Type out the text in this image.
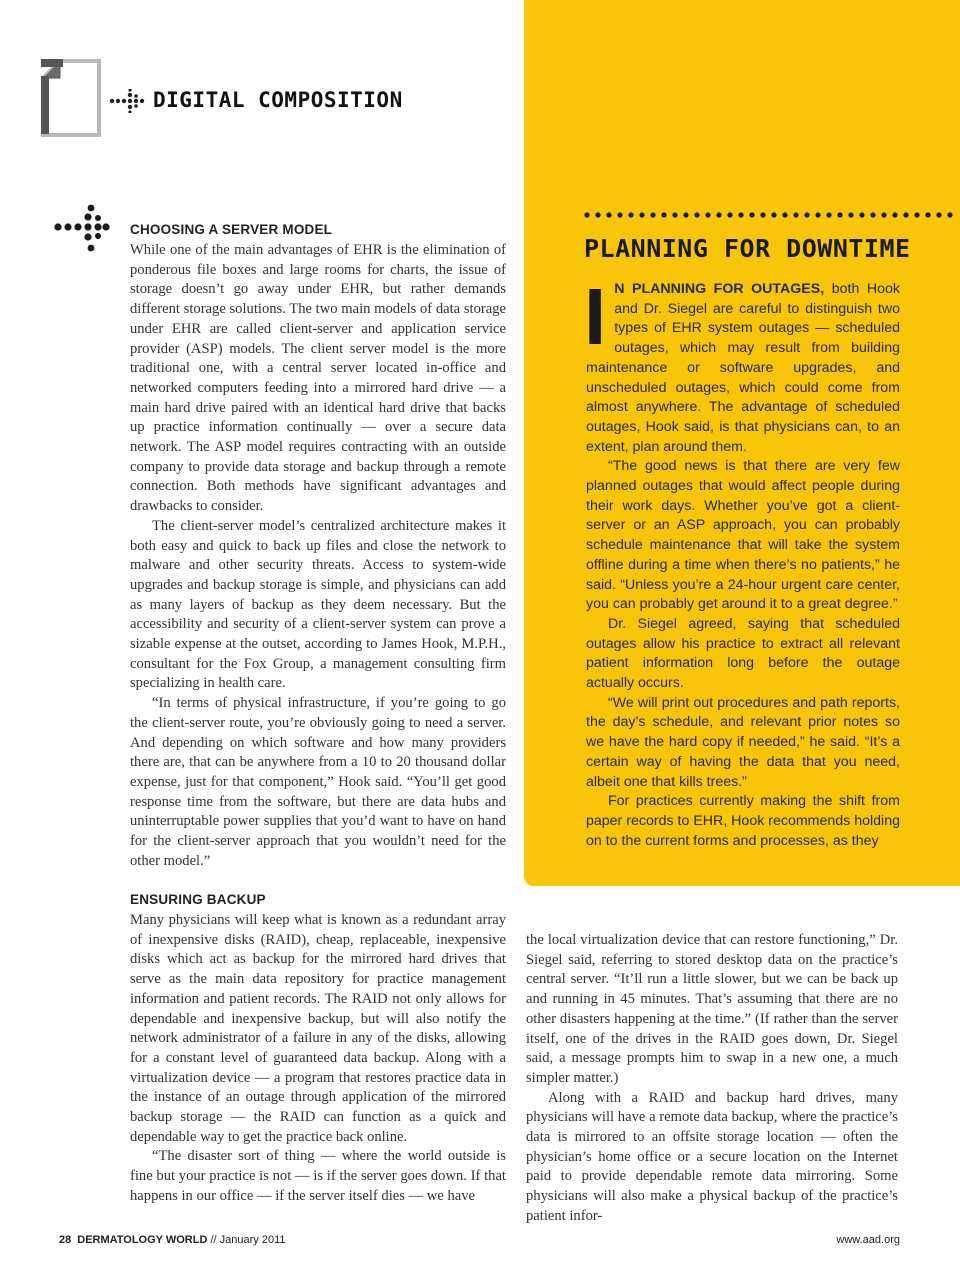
DIGITAL COMPOSITION
CHOOSING A SERVER MODEL

While one of the main advantages of EHR is the elimination of ponderous file boxes and large rooms for charts, the issue of storage doesn’t go away under EHR, but rather demands different storage solutions. The two main models of data storage under EHR are called client-server and application service provider (ASP) models. The client server model is the more traditional one, with a central server located in-office and networked computers feeding into a mirrored hard drive — a main hard drive paired with an identical hard drive that backs up practice information continually — over a secure data network. The ASP model requires contracting with an outside company to provide data storage and backup through a remote connection. Both methods have significant advantages and drawbacks to consider.

The client-server model’s centralized architecture makes it both easy and quick to back up files and close the network to malware and other security threats. Access to system-wide upgrades and backup storage is simple, and physicians can add as many layers of backup as they deem necessary. But the accessibility and security of a client-server system can prove a sizable expense at the outset, according to James Hook, M.P.H., consultant for the Fox Group, a management consulting firm specializing in health care.

“In terms of physical infrastructure, if you’re going to go the client-server route, you’re obviously going to need a server. And depending on which software and how many providers there are, that can be anywhere from a 10 to 20 thousand dollar expense, just for that component,” Hook said. “You’ll get good response time from the software, but there are data hubs and uninterruptable power supplies that you’d want to have on hand for the client-server approach that you wouldn’t need for the other model.”

ENSURING BACKUP

Many physicians will keep what is known as a redundant array of inexpensive disks (RAID), cheap, replaceable, inexpensive disks which act as backup for the mirrored hard drives that serve as the main data repository for practice management information and patient records. The RAID not only allows for dependable and inexpensive backup, but will also notify the network administrator of a failure in any of the disks, allowing for a constant level of guaranteed data backup. Along with a virtualization device — a program that restores practice data in the instance of an outage through application of the mirrored backup storage — the RAID can function as a quick and dependable way to get the practice back online.

“The disaster sort of thing — where the world outside is fine but your practice is not — is if the server goes down. If that happens in our office — if the server itself dies — we have

the local virtualization device that can restore functioning,” Dr. Siegel said, referring to stored desktop data on the practice’s central server. “It’ll run a little slower, but we can be back up and running in 45 minutes. That’s assuming that there are no other disasters happening at the time.” (If rather than the server itself, one of the drives in the RAID goes down, Dr. Siegel said, a message prompts him to swap in a new one, a much simpler matter.)

Along with a RAID and backup hard drives, many physicians will have a remote data backup, where the practice’s data is mirrored to an offsite storage location — often the physician’s home office or a secure location on the Internet paid to provide dependable remote data mirroring. Some physicians will also make a physical backup of the practice’s patient infor-

PLANNING FOR DOWNTIME

I N PLANNING FOR OUTAGES, both Hook and Dr. Siegel are careful to distinguish two types of EHR system outages — scheduled outages, which may result from building maintenance or software upgrades, and unscheduled outages, which could come from almost anywhere. The advantage of scheduled outages, Hook said, is that physicians can, to an extent, plan around them.

“The good news is that there are very few planned outages that would affect people during their work days. Whether you’ve got a client-server or an ASP approach, you can probably schedule maintenance that will take the system offline during a time when there’s no patients,” he said. “Unless you’re a 24-hour urgent care center, you can probably get around it to a great degree.”

Dr. Siegel agreed, saying that scheduled outages allow his practice to extract all relevant patient information long before the outage actually occurs.

“We will print out procedures and path reports, the day’s schedule, and relevant prior notes so we have the hard copy if needed,” he said. “It’s a certain way of having the data that you need, albeit one that kills trees.”

For practices currently making the shift from paper records to EHR, Hook recommends holding on to the current forms and processes, as they

28 DERMATOLOGY WORLD // January 2011	www.aad.org
